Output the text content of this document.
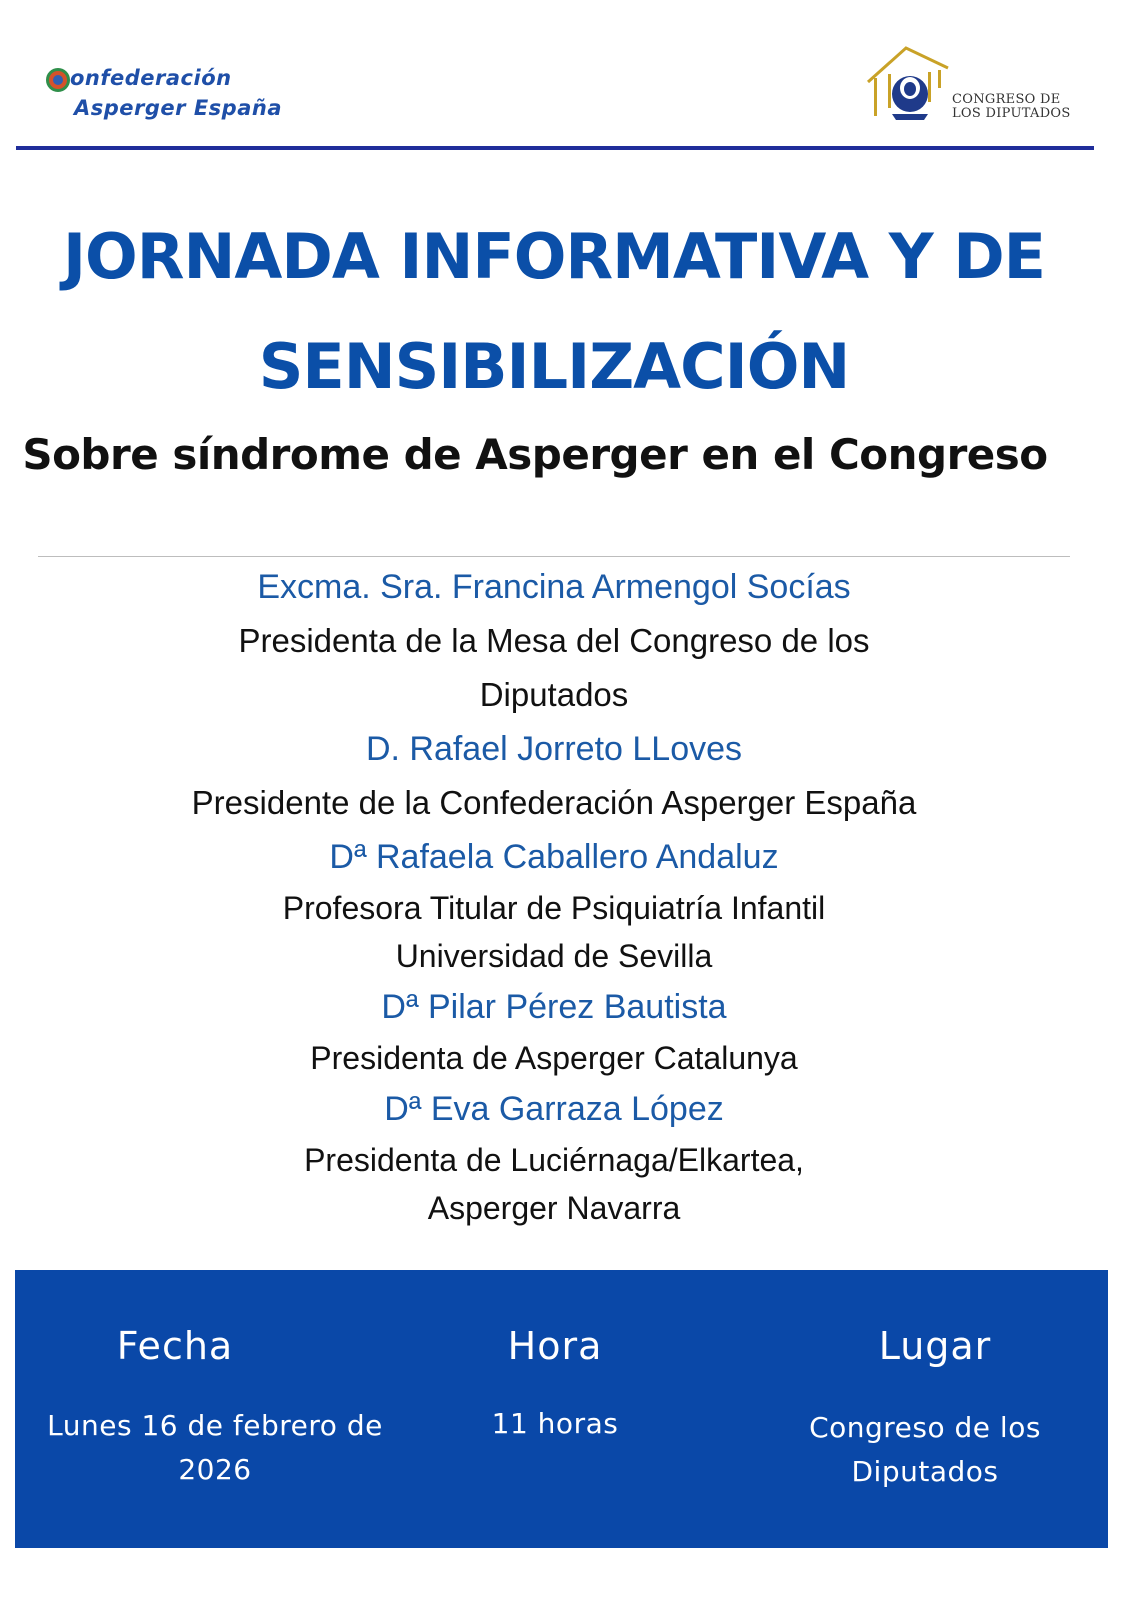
onfederación
Asperger España	CONGRESO DE
LOS DIPUTADOS
JORNADA INFORMATIVA Y DE
SENSIBILIZACIÓN
Sobre síndrome de Asperger en el Congreso
Excma. Sra. Francina Armengol Socías
Presidenta de la Mesa del Congreso de los
Diputados
D. Rafael Jorreto LLoves
Presidente de la Confederación Asperger España
Dª Rafaela Caballero Andaluz
Profesora Titular de Psiquiatría Infantil
Universidad de Sevilla
Dª Pilar Pérez Bautista
Presidenta de Asperger Catalunya
Dª Eva Garraza López
Presidenta de Luciérnaga/Elkartea,
Asperger Navarra
Fecha
Lunes 16 de febrero de
2026
Hora
11 horas
Lugar
Congreso de los
Diputados
